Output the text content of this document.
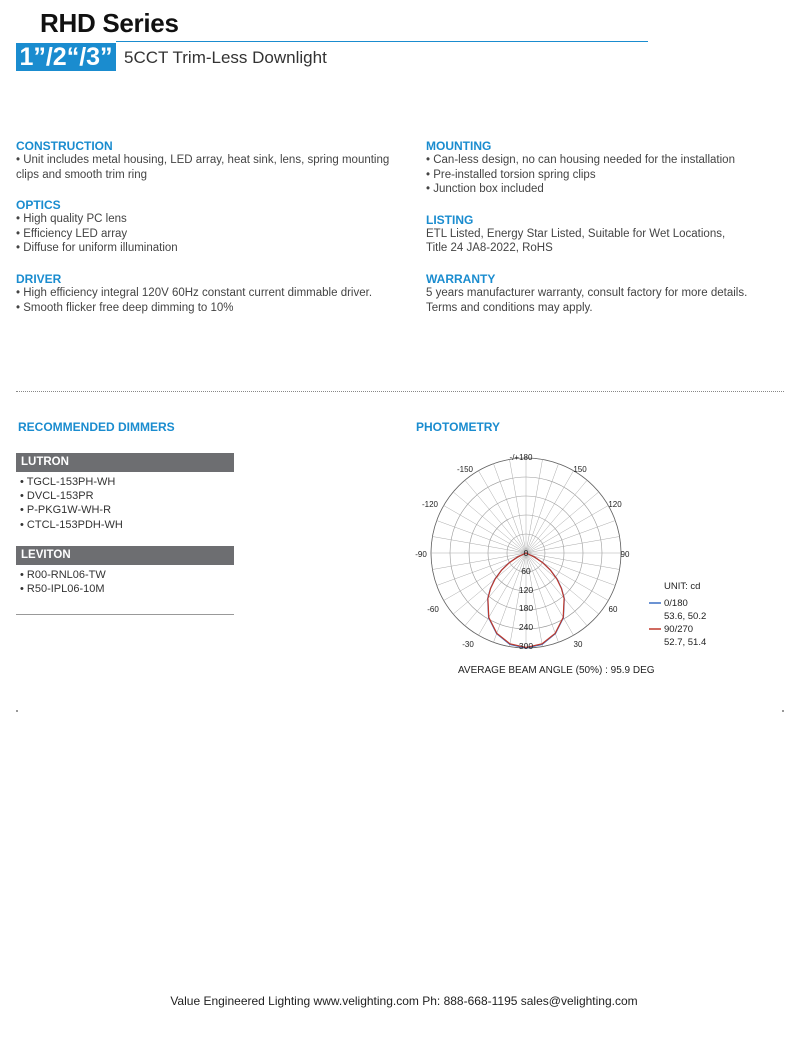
RHD Series
1”/2“/3” 5CCT Trim-Less Downlight
CONSTRUCTION
• Unit includes metal housing, LED array, heat sink, lens, spring mounting
clips and smooth trim ring
OPTICS
• High quality PC lens
• Efficiency LED array
• Diffuse for uniform illumination
DRIVER
• High efficiency integral 120V 60Hz constant current dimmable driver.
• Smooth flicker free deep dimming to 10%
MOUNTING
• Can-less design, no can housing needed for the installation
• Pre-installed torsion spring clips
• Junction box included
LISTING
ETL Listed, Energy Star Listed, Suitable for Wet Locations,
Title 24 JA8-2022, RoHS
WARRANTY
5 years manufacturer warranty, consult factory for more details.
Terms and conditions may apply.
RECOMMENDED DIMMERS
LUTRON
• TGCL-153PH-WH
• DVCL-153PR
• P-PKG1W-WH-R
• CTCL-153PDH-WH
LEVITON
• R00-RNL06-TW
• R50-IPL06-10M
PHOTOMETRY
-/+180
-150	150
-120	120
-90	90
-60	60
-30	30
0
60
120
180
240
300
UNIT: cd
0/180
53.6, 50.2
90/270
52.7, 51.4
AVERAGE BEAM ANGLE (50%) : 95.9 DEG
Value Engineered Lighting www.velighting.com Ph: 888-668-1195 sales@velighting.com
